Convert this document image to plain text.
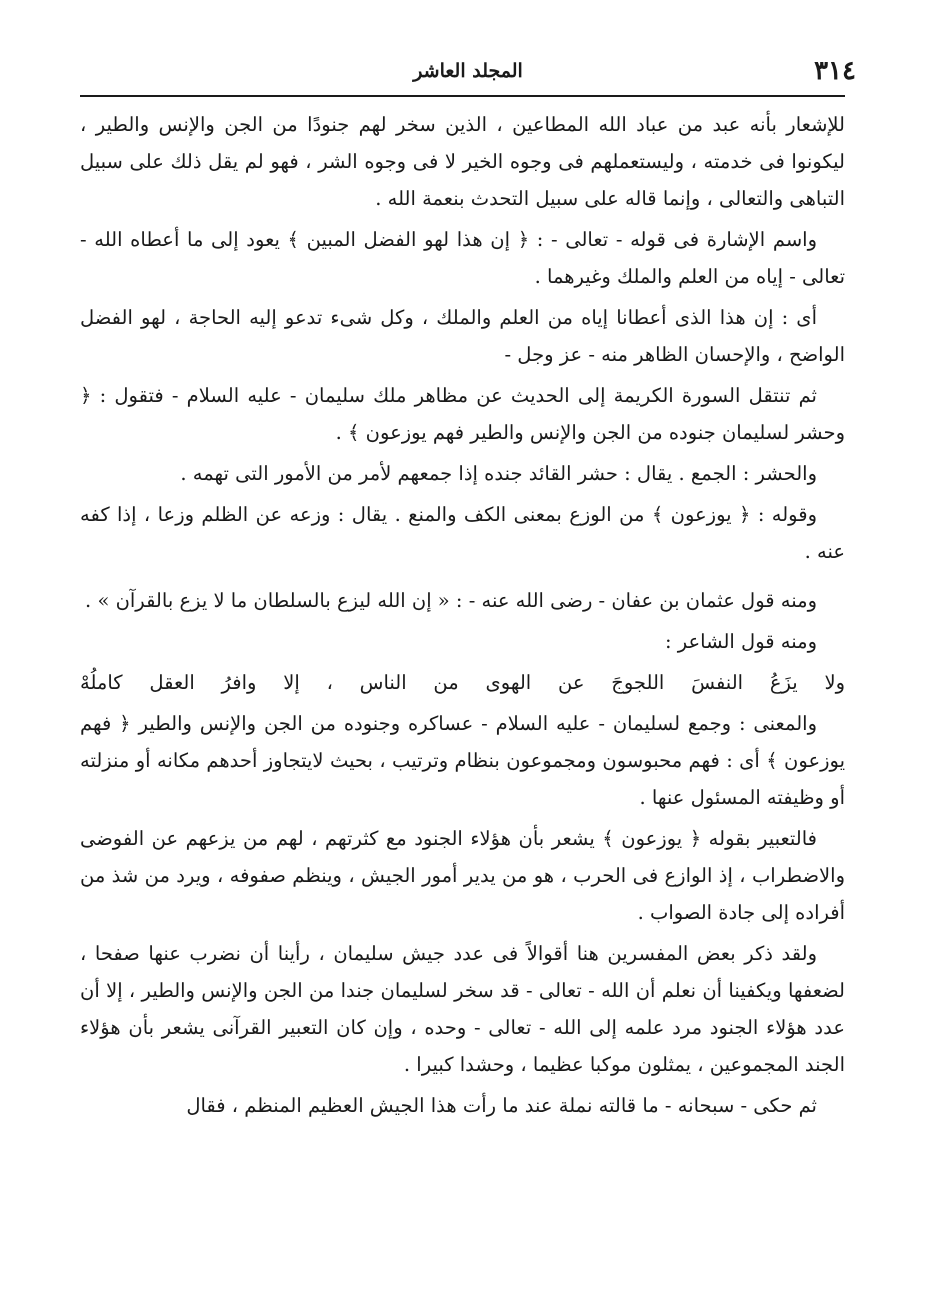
٣١٤
المجلد العاشر

للإشعار بأنه عبد من عباد الله المطاعين ، الذين سخر لهم جنودًا من الجن والإنس والطير ، ليكونوا فى خدمته ، وليستعملهم فى وجوه الخير لا فى وجوه الشر ، فهو لم يقل ذلك على سبيل التباهى والتعالى ، وإنما قاله على سبيل التحدث بنعمة الله .

واسم الإشارة فى قوله - تعالى - : ﴿ إن هذا لهو الفضل المبين ﴾ يعود إلى ما أعطاه الله - تعالى - إياه من العلم والملك وغيرهما .

أى : إن هذا الذى أعطانا إياه من العلم والملك ، وكل شىء تدعو إليه الحاجة ، لهو الفضل الواضح ، والإحسان الظاهر منه - عز وجل -

ثم تنتقل السورة الكريمة إلى الحديث عن مظاهر ملك سليمان - عليه السلام - فتقول : ﴿ وحشر لسليمان جنوده من الجن والإنس والطير فهم يوزعون ﴾ .

والحشر : الجمع . يقال : حشر القائد جنده إذا جمعهم لأمر من الأمور التى تهمه .

وقوله : ﴿ يوزعون ﴾ من الوزع بمعنى الكف والمنع . يقال : وزعه عن الظلم وزعا ، إذا كفه عنه .

ومنه قول عثمان بن عفان - رضى الله عنه - : « إن الله ليزع بالسلطان ما لا يزع بالقرآن » .

ومنه قول الشاعر :

ولا يزَعُ النفسَ اللجوجَ عن الهوى من الناس ، إلا وافرُ العقل كاملُهْ

والمعنى : وجمع لسليمان - عليه السلام - عساكره وجنوده من الجن والإنس والطير ﴿ فهم يوزعون ﴾ أى : فهم محبوسون ومجموعون بنظام وترتيب ، بحيث لايتجاوز أحدهم مكانه أو منزلته أو وظيفته المسئول عنها .

فالتعبير بقوله ﴿ يوزعون ﴾ يشعر بأن هؤلاء الجنود مع كثرتهم ، لهم من يزعهم عن الفوضى والاضطراب ، إذ الوازع فى الحرب ، هو من يدير أمور الجيش ، وينظم صفوفه ، ويرد من شذ من أفراده إلى جادة الصواب .

ولقد ذكر بعض المفسرين هنا أقوالاً فى عدد جيش سليمان ، رأينا أن نضرب عنها صفحا ، لضعفها ويكفينا أن نعلم أن الله - تعالى - قد سخر لسليمان جندا من الجن والإنس والطير ، إلا أن عدد هؤلاء الجنود مرد علمه إلى الله - تعالى - وحده ، وإن كان التعبير القرآنى يشعر بأن هؤلاء الجند المجموعين ، يمثلون موكبا عظيما ، وحشدا كبيرا .

ثم حكى - سبحانه - ما قالته نملة عند ما رأت هذا الجيش العظيم المنظم ، فقال
